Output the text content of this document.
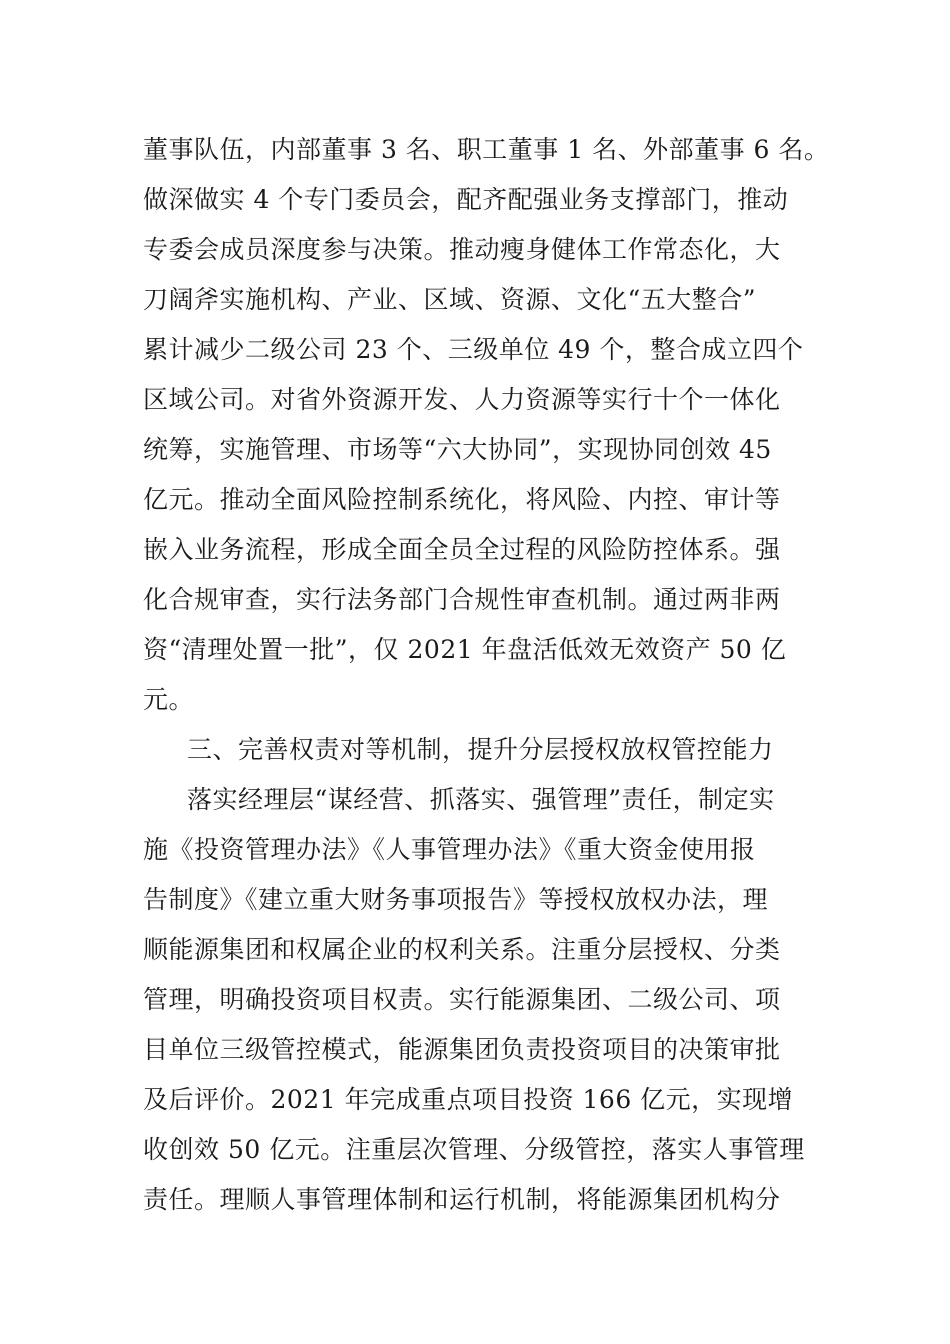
董事队伍，内部董事 3 名、职工董事 1 名、外部董事 6 名。
做深做实 4 个专门委员会，配齐配强业务支撑部门，推动
专委会成员深度参与决策。推动瘦身健体工作常态化，大
刀阔斧实施机构、产业、区域、资源、文化“五大整合”
累计减少二级公司 23 个、三级单位 49 个，整合成立四个
区域公司。对省外资源开发、人力资源等实行十个一体化
统筹，实施管理、市场等“六大协同”，实现协同创效 45
亿元。推动全面风险控制系统化，将风险、内控、审计等
嵌入业务流程，形成全面全员全过程的风险防控体系。强
化合规审查，实行法务部门合规性审查机制。通过两非两
资“清理处置一批”，仅 2021 年盘活低效无效资产 50 亿
元。
三、完善权责对等机制，提升分层授权放权管控能力
落实经理层“谋经营、抓落实、强管理”责任，制定实
施《投资管理办法》《人事管理办法》《重大资金使用报
告制度》《建立重大财务事项报告》等授权放权办法，理
顺能源集团和权属企业的权利关系。注重分层授权、分类
管理，明确投资项目权责。实行能源集团、二级公司、项
目单位三级管控模式，能源集团负责投资项目的决策审批
及后评价。2021 年完成重点项目投资 166 亿元，实现增
收创效 50 亿元。注重层次管理、分级管控，落实人事管理
责任。理顺人事管理体制和运行机制，将能源集团机构分
